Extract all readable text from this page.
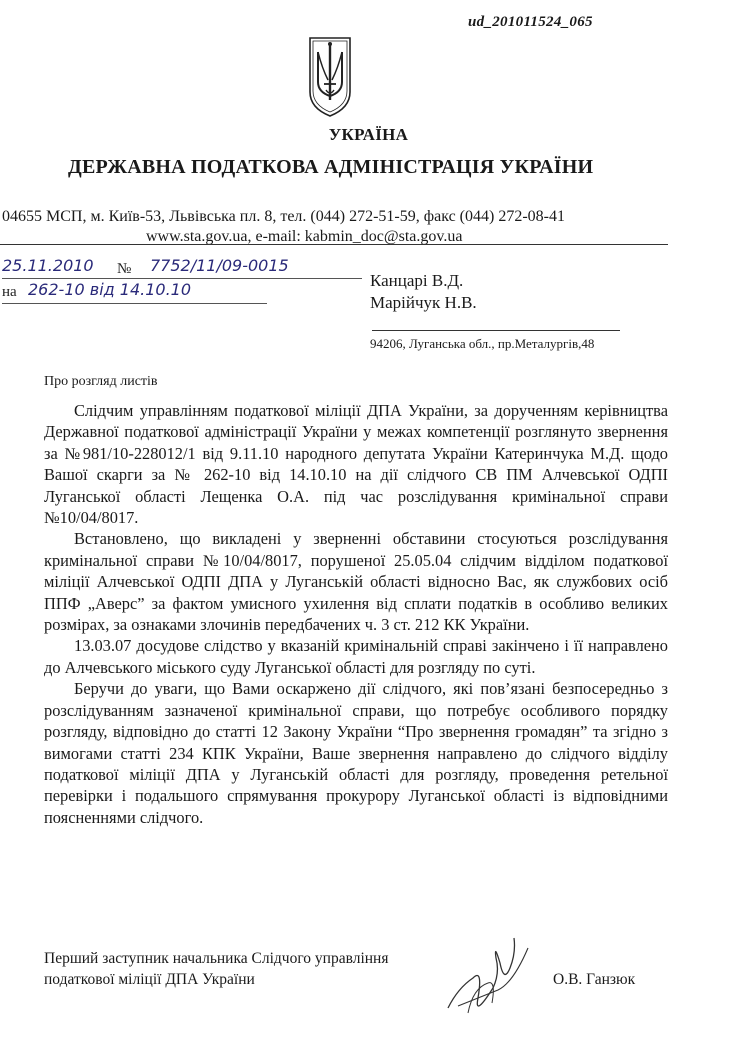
ud_201011524_065
УКРАЇНА
ДЕРЖАВНА ПОДАТКОВА АДМІНІСТРАЦІЯ УКРАЇНИ
04655 МСП, м. Київ-53, Львівська пл. 8, тел. (044) 272-51-59, факс (044) 272-08-41
www.sta.gov.ua, e-mail: kabmin_doc@sta.gov.ua
25.11.2010 № 7752/11/09-0015
на 262-10 від 14.10.10	Канцарі В.Д.
Марійчук Н.В.
94206, Луганська обл., пр.Металургів,48
Про розгляд листів

Слідчим управлінням податкової міліції ДПА України, за дорученням керівництва Державної податкової адміністрації України у межах компетенції розглянуто звернення за №981/10-228012/1 від 9.11.10 народного депутата України Катеринчука М.Д. щодо Вашої скарги за № 262-10 від 14.10.10 на дії слідчого СВ ПМ Алчевської ОДПІ Луганської області Лещенка О.А. під час розслідування кримінальної справи №10/04/8017.

Встановлено, що викладені у зверненні обставини стосуються розслідування кримінальної справи №10/04/8017, порушеної 25.05.04 слідчим відділом податкової міліції Алчевської ОДПІ ДПА у Луганській області відносно Вас, як службових осіб ППФ „Аверс” за фактом умисного ухилення від сплати податків в особливо великих розмірах, за ознаками злочинів передбачених ч. 3 ст. 212 КК України.

13.03.07 досудове слідство у вказаній кримінальній справі закінчено і її направлено до Алчевського міського суду Луганської області для розгляду по суті.

Беручи до уваги, що Вами оскаржено дії слідчого, які пов’язані безпосередньо з розслідуванням зазначеної кримінальної справи, що потребує особливого порядку розгляду, відповідно до статті 12 Закону України “Про звернення громадян” та згідно з вимогами статті 234 КПК України, Ваше звернення направлено до слідчого відділу податкової міліції ДПА у Луганській області для розгляду, проведення ретельної перевірки і подальшого спрямування прокурору Луганської області із відповідними поясненнями слідчого.

Перший заступник начальника Слідчого управління
податкової міліції ДПА України	О.В. Ганзюк
